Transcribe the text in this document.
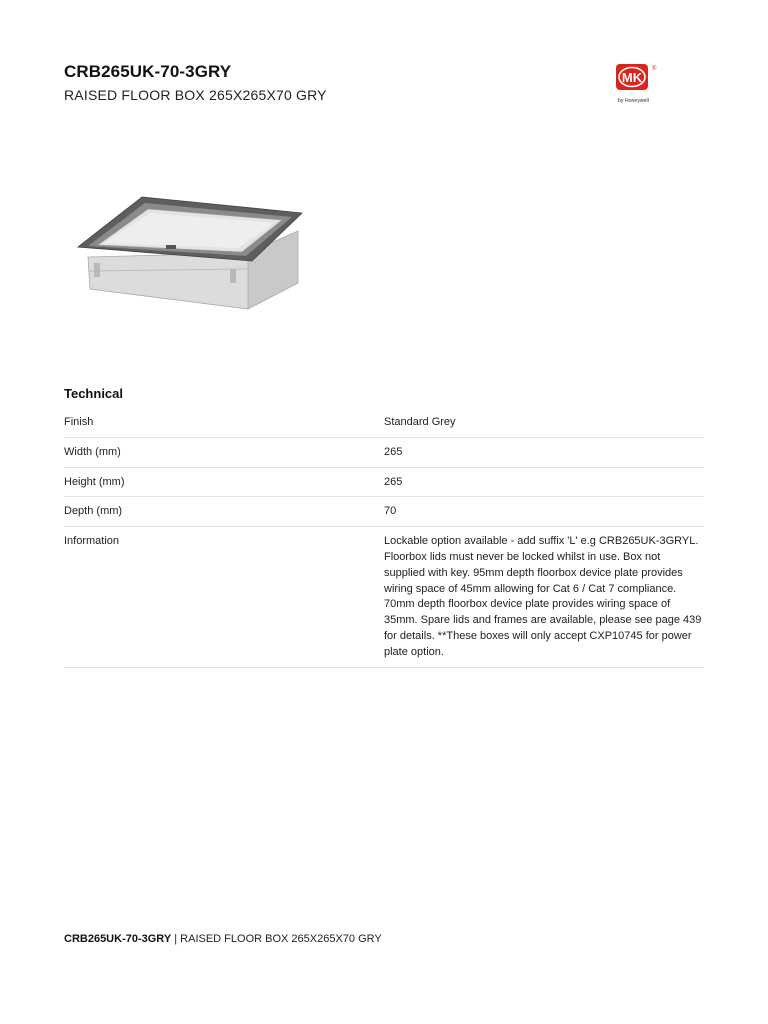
CRB265UK-70-3GRY
RAISED FLOOR BOX 265X265X70 GRY
MK
®
by Honeywell
Technical
Finish	Standard Grey
Width (mm)	265
Height (mm)	265
Depth (mm)	70
Information	Lockable option available - add suffix 'L' e.g CRB265UK-3GRYL. Floorbox lids must never be locked whilst in use. Box not supplied with key. 95mm depth floorbox device plate provides wiring space of 45mm allowing for Cat 6 / Cat 7 compliance. 70mm depth floorbox device plate provides wiring space of 35mm. Spare lids and frames are available, please see page 439 for details. **These boxes will only accept CXP10745 for power plate option.
CRB265UK-70-3GRY | RAISED FLOOR BOX 265X265X70 GRY
